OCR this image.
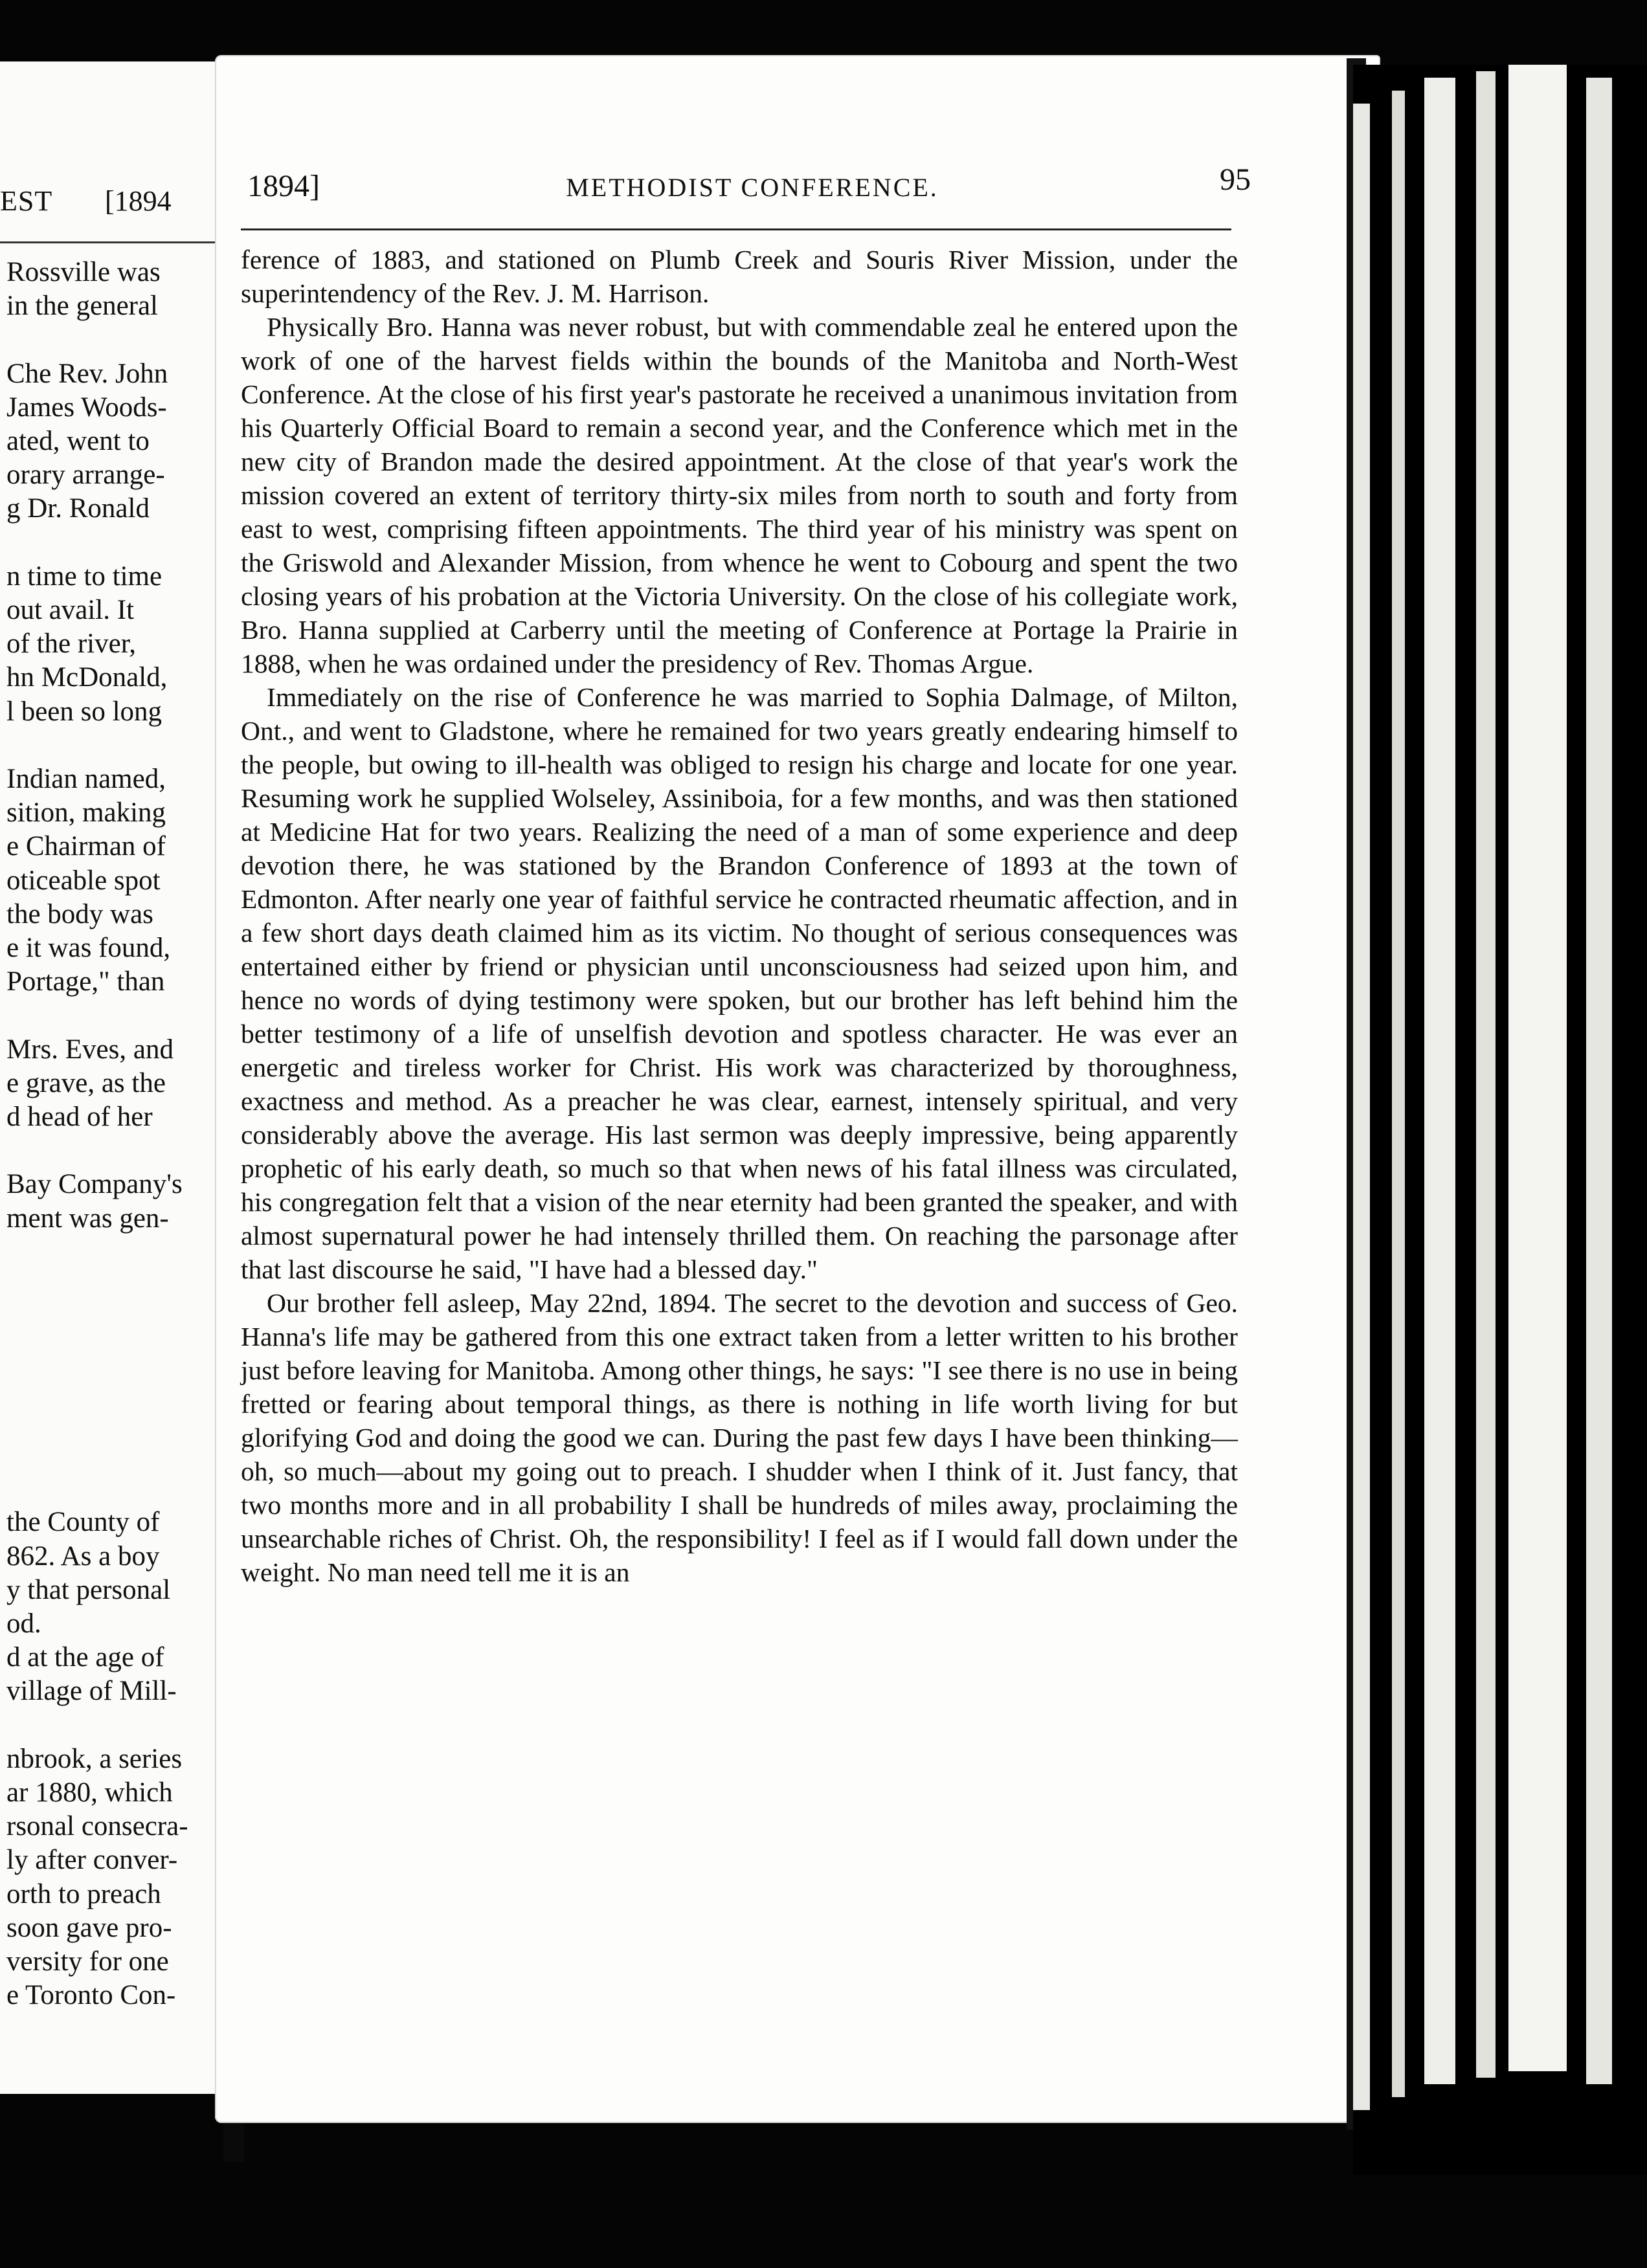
EST [1894
Rossville was
in the general
Che Rev. John
James Woods-
ated, went to
orary arrange-
g Dr. Ronald
n time to time
out avail. It
of the river,
hn McDonald,
l been so long
Indian named,
sition, making
e Chairman of
oticeable spot
the body was
e it was found,
Portage," than
Mrs. Eves, and
e grave, as the
d head of her
Bay Company's
ment was gen-
the County of
862. As a boy
y that personal
od.
d at the age of
village of Mill-
nbrook, a series
ar 1880, which
rsonal consecra-
ly after conver-
orth to preach
soon gave pro-
versity for one
e Toronto Con-
1894]	METHODIST CONFERENCE.	95

ference of 1883, and stationed on Plumb Creek and Souris River Mission, under the superintendency of the Rev. J. M. Harrison.

Physically Bro. Hanna was never robust, but with commendable zeal he entered upon the work of one of the harvest fields within the bounds of the Manitoba and North-West Conference. At the close of his first year's pastorate he received a unanimous invitation from his Quarterly Official Board to remain a second year, and the Conference which met in the new city of Brandon made the desired appointment. At the close of that year's work the mission covered an extent of territory thirty-six miles from north to south and forty from east to west, comprising fifteen appointments. The third year of his ministry was spent on the Griswold and Alexander Mission, from whence he went to Cobourg and spent the two closing years of his probation at the Victoria University. On the close of his collegiate work, Bro. Hanna supplied at Carberry until the meeting of Conference at Portage la Prairie in 1888, when he was ordained under the presidency of Rev. Thomas Argue.

Immediately on the rise of Conference he was married to Sophia Dalmage, of Milton, Ont., and went to Gladstone, where he remained for two years greatly endearing himself to the people, but owing to ill-health was obliged to resign his charge and locate for one year. Resuming work he supplied Wolseley, Assiniboia, for a few months, and was then stationed at Medicine Hat for two years. Realizing the need of a man of some experience and deep devotion there, he was stationed by the Brandon Conference of 1893 at the town of Edmonton. After nearly one year of faithful service he contracted rheumatic affection, and in a few short days death claimed him as its victim. No thought of serious consequences was entertained either by friend or physician until unconsciousness had seized upon him, and hence no words of dying testimony were spoken, but our brother has left behind him the better testimony of a life of unselfish devotion and spotless character. He was ever an energetic and tireless worker for Christ. His work was characterized by thoroughness, exactness and method. As a preacher he was clear, earnest, intensely spiritual, and very considerably above the average. His last sermon was deeply impressive, being apparently prophetic of his early death, so much so that when news of his fatal illness was circulated, his congregation felt that a vision of the near eternity had been granted the speaker, and with almost supernatural power he had intensely thrilled them. On reaching the parsonage after that last discourse he said, "I have had a blessed day."

Our brother fell asleep, May 22nd, 1894. The secret to the devotion and success of Geo. Hanna's life may be gathered from this one extract taken from a letter written to his brother just before leaving for Manitoba. Among other things, he says: "I see there is no use in being fretted or fearing about temporal things, as there is nothing in life worth living for but glorifying God and doing the good we can. During the past few days I have been thinking—oh, so much—about my going out to preach. I shudder when I think of it. Just fancy, that two months more and in all probability I shall be hundreds of miles away, proclaiming the unsearchable riches of Christ. Oh, the responsibility! I feel as if I would fall down under the weight. No man need tell me it is an
